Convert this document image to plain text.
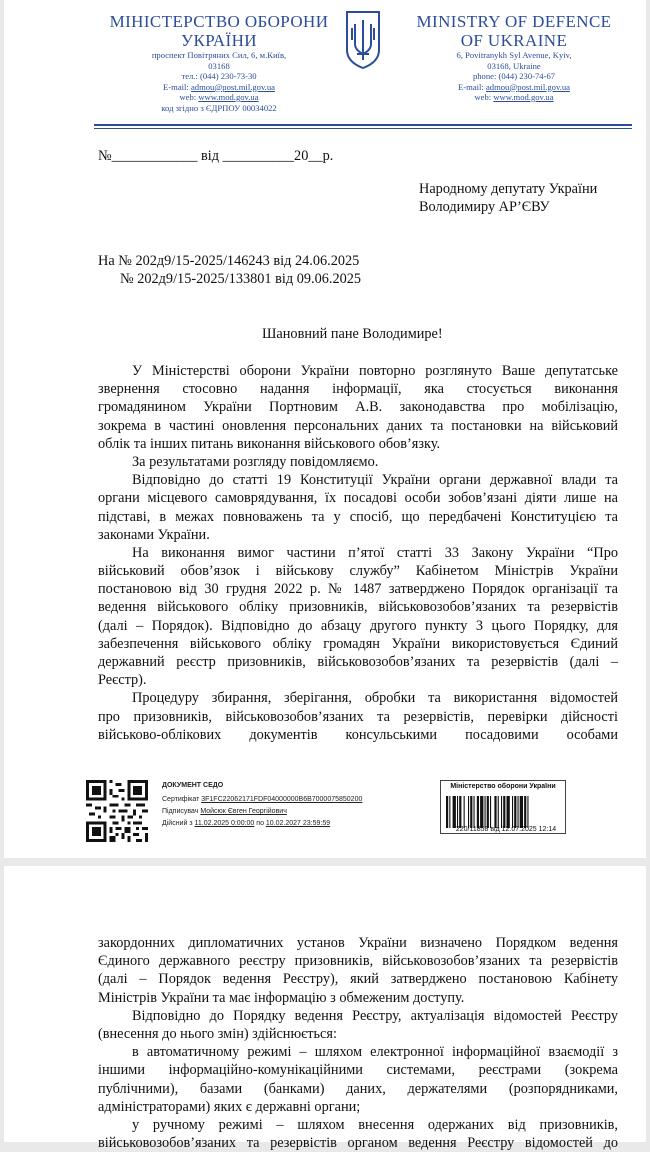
МІНІСТЕРСТВО ОБОРОНИ
УКРАЇНИ
проспект Повітряних Сил, 6, м.Київ,
03168
тел.: (044) 230-73-30
E-mail: admou@post.mil.gov.ua
web: www.mod.gov.ua
код згідно з ЄДРПОУ 00034022
MINISTRY OF DEFENCE
OF UKRAINE
6, Povitranykh Syl Avenue, Kyiv,
03168, Ukraine
phone: (044) 230-74-67
E-mail: admou@post.mil.gov.ua
web: www.mod.gov.ua
№____________ від __________20__р.
Народному депутату України
Володимиру АР’ЄВУ
На № 202д9/15-2025/146243 від 24.06.2025
№ 202д9/15-2025/133801 від 09.06.2025
Шановний пане Володимире!
У Міністерстві оборони України повторно розглянуто Ваше депутатське
звернення стосовно надання інформації, яка стосується виконання
громадянином України Портновим А.В. законодавства про мобілізацію,
зокрема в частині оновлення персональних даних та постановки на військовий
облік та інших питань виконання військового обов’язку.
За результатами розгляду повідомляємо.
Відповідно до статті 19 Конституції України органи державної влади та
органи місцевого самоврядування, їх посадові особи зобов’язані діяти лише на
підставі, в межах повноважень та у спосіб, що передбачені Конституцією та
законами України.
На виконання вимог частини п’ятої статті 33 Закону України “Про
військовий обов’язок і військову службу” Кабінетом Міністрів України
постановою від 30 грудня 2022 р. № 1487 затверджено Порядок організації та
ведення військового обліку призовників, військовозобов’язаних та резервістів
(далі – Порядок). Відповідно до абзацу другого пункту 3 цього Порядку, для
забезпечення військового обліку громадян України використовується Єдиний
державний реєстр призовників, військовозобов’язаних та резервістів (далі –
Реєстр).
Процедуру збирання, зберігання, обробки та використання відомостей
про призовників, військовозобов’язаних та резервістів, перевірки дійсності
військово-облікових документів консульськими посадовими особами
ДОКУМЕНТ СЕДО
Сертифікат 3F1FC22062171FDF04000000B6B7000075850200
Підписувач Мойсюк Євген Георгійович
Дійсний з 11.02.2025 0:00:00 по 10.02.2027 23:59:59
Міністерство оборони України
220/11858 від 12.07.2025 12:14
закордонних дипломатичних установ України визначено Порядком ведення
Єдиного державного реєстру призовників, військовозобов’язаних та резервістів
(далі – Порядок ведення Реєстру), який затверджено постановою Кабінету
Міністрів України та має інформацію з обмеженим доступу.
Відповідно до Порядку ведення Реєстру, актуалізація відомостей Реєстру
(внесення до нього змін) здійснюється:
в автоматичному режимі – шляхом електронної інформаційної взаємодії з
іншими інформаційно-комунікаційними системами, реєстрами (зокрема
публічними), базами (банками) даних, держателями (розпорядниками,
адміністраторами) яких є державні органи;
у ручному режимі – шляхом внесення одержаних від призовників,
військовозобов’язаних та резервістів органом ведення Реєстру відомостей до
